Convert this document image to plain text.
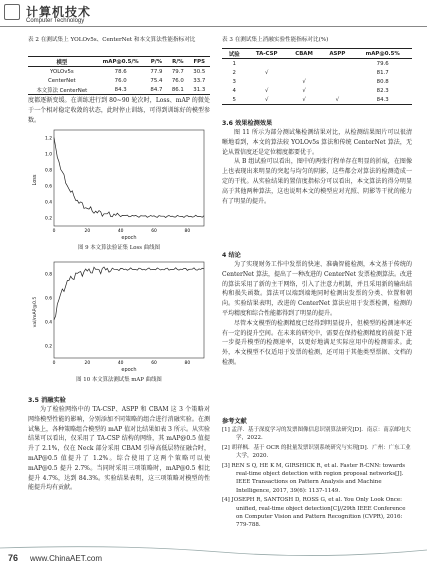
计算机技术
Computer Technology
表 2 在测试集上 YOLOv5s、CenterNet 和本文算法性能指标对比
模型	mAP@0.5/%	P/%	R/%	FPS
YOLOv5s	78.6	77.9	79.7	30.5
CenterNet	76.0	75.4	76.0	33.7
本文算法 CenterNet	84.3	84.7	86.1	31.3

度都逐渐变缓。在训练进行到 80~90 轮次时，Loss、mAP 的微处于一个相对稳定收敛的状态，此时停止训练，可得到训练好的模型参数。

0.2
0.4
0.6
0.8
1.0
1.2
0	20	40	60	80
Loss
epoch
图 9 本文算法验证集 Loss 曲线图
0.2
0.4
0.6
0.8
0	20	40	60	80
val/mAP@0.5
epoch
图 10 本文算法测试集 mAP 曲线图
3.5 消融实验

为了检验网络中的 TA-CSP、ASPP 和 CBAM 这 3 个策略对网络模型性能的影响，分别添加不同策略的组合进行消融实验。在测试集上，各种策略组合模型的 mAP 值对比结果如表 3 所示。从实验结果可以看出，仅采用了 TA-CSP 结构的网络，其 mAP@0.5 值提升了 2.1%，仅在 Neck 部分采用 CBAM 引导高低层特征融合时，mAP@0.5 值提升了 1.2%。综合使用了这两个策略可以使 mAP@0.5 提升 2.7%。当同时采用三项策略时，mAP@0.5 相比提升 4.7%，达到 84.3%。实验结果表明，这三项策略对模型的性能提升均有贡献。

表 3 在测试集上消融实验性能指标对比(%)
试验	TA-CSP	CBAM	ASPP	mAP@0.5%
1				79.6
2	√			81.7
3		√		80.8
4	√	√		82.3
5	√	√	√	84.3
3.6 效果检测效果

图 11 所示为部分测试集检测结果对比，从检测结果图片可以很清晰地看到，本文的算法较 YOLOv5s 算法和传统 CenterNet 算法，无论从置信度还是定位精度都要优于。

从 B 组试验可以看出，图中的两张行程单存在明显的折痕，在图像上也表现出来明显的突起与均匀的阴影，这些都会对算法的检测造成一定的干扰。从实验结果的置信度指标分可以看出，本文算法的得分明显高于其他两种算法，这也说明本文的模型应对光照、阴影等干扰的能力有了明显的提升。

4 结论

为了实现财务工作中发票的快速、准确智能检测，本文基于传统的 CenterNet 算法，提出了一种改进的 CenterNet 发票检测算法。改进的算法采用了新的主干网络，引入了注意力机制，并且采用新的输出结构和损失函数。算法可以端到端地同时检测出发票的分类、位置和朝向。实验结果表明，改进的 CenterNet 算法应用于发票检测，检测的平均精度和综合性能都得到了明显的提升。

尽管本文模型的检测精度已经得到明显提升，但模型的检测速率还有一定的提升空间。在未来的研究中，需要在保持检测精度的前提下进一步提升模型的检测速率，以更好地满足实际应用中的检测需求。此外，本文模型不仅适用于发票的检测，还可用于其他类型票据、文档的检测。

参考文献
[1] 孟洋．基于深度学习的发票图像信息识别算法研究[D]．南京：南京邮电大学，2022.
[2] 胡祥枫．基于 OCR 的批量发票识别系统研究与实现[D]．广州：广东工业大学，2020.
[3] REN S Q, HE K M, GIRSHICK R, et al. Faster R-CNN: towards real-time object detection with region proposal networks[J]. IEEE Transactions on Pattern Analysis and Machine Intelligence, 2017, 39(6): 1137-1149.
[4] JOSEPH R, SANTOSH D, ROSS G, et al. You Only Look Once: unified, real-time object detection[C]//29th IEEE Conference on Computer Vision and Pattern Recognition (CVPR), 2016: 779-788.
76 www.ChinaAET.com
